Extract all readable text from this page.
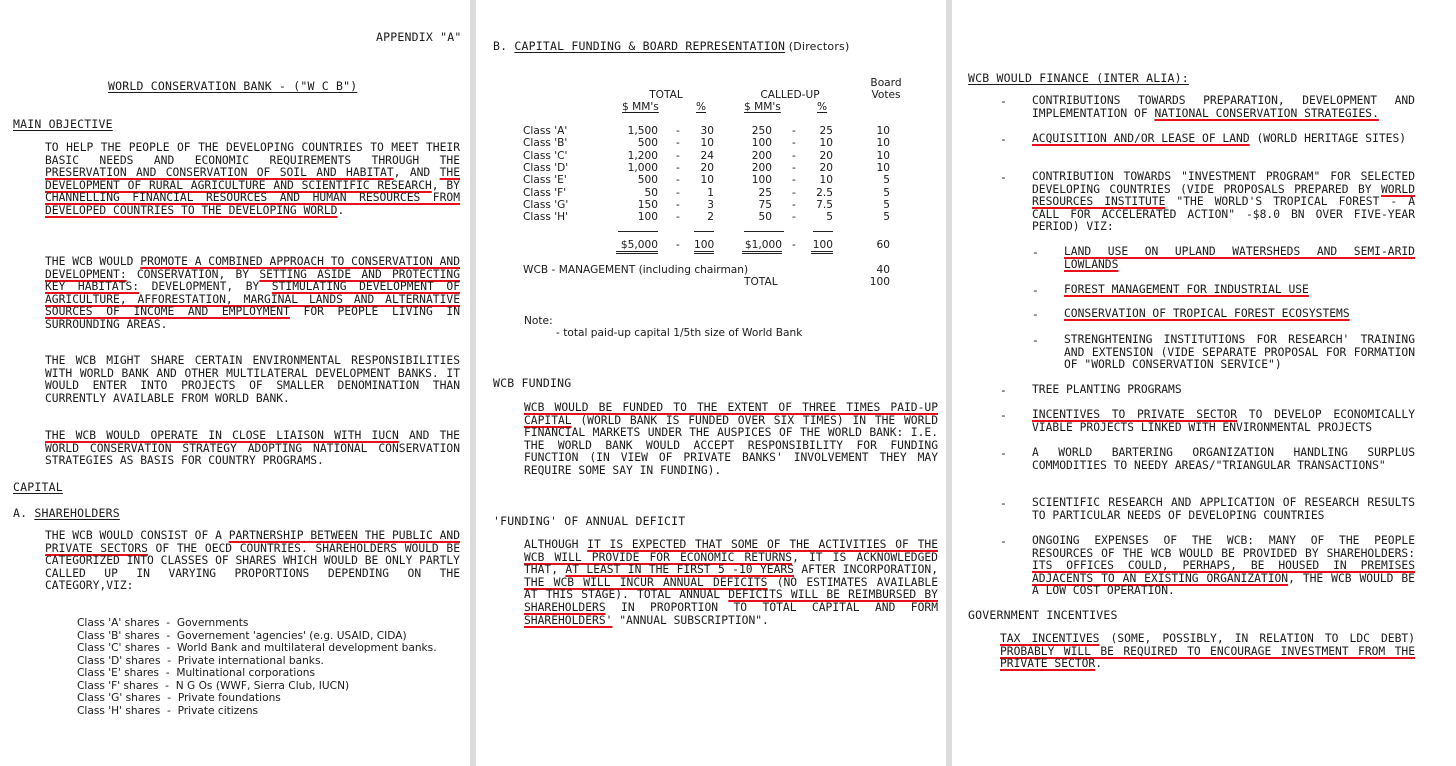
APPENDIX "A"
WORLD CONSERVATION BANK - ("W C B")
MAIN OBJECTIVE
TO HELP THE PEOPLE OF THE DEVELOPING COUNTRIES TO MEET THEIR BASIC NEEDS AND ECONOMIC REQUIREMENTS THROUGH THE PRESERVATION AND CONSERVATION OF SOIL AND HABITAT, AND THE DEVELOPMENT OF RURAL AGRICULTURE AND SCIENTIFIC RESEARCH, BY CHANNELLING FINANCIAL RESOURCES AND HUMAN RESOURCES FROM DEVELOPED COUNTRIES TO THE DEVELOPING WORLD.
THE WCB WOULD PROMOTE A COMBINED APPROACH TO CONSERVATION AND DEVELOPMENT: CONSERVATION, BY SETTING ASIDE AND PROTECTING KEY HABITATS: DEVELOPMENT, BY STIMULATING DEVELOPMENT OF AGRICULTURE, AFFORESTATION, MARGINAL LANDS AND ALTERNATIVE SOURCES OF INCOME AND EMPLOYMENT FOR PEOPLE LIVING IN SURROUNDING AREAS.
THE WCB MIGHT SHARE CERTAIN ENVIRONMENTAL RESPONSIBILITIES WITH WORLD BANK AND OTHER MULTILATERAL DEVELOPMENT BANKS. IT WOULD ENTER INTO PROJECTS OF SMALLER DENOMINATION THAN CURRENTLY AVAILABLE FROM WORLD BANK.
THE WCB WOULD OPERATE IN CLOSE LIAISON WITH IUCN AND THE WORLD CONSERVATION STRATEGY ADOPTING NATIONAL CONSERVATION STRATEGIES AS BASIS FOR COUNTRY PROGRAMS.
CAPITAL
A. SHAREHOLDERS
THE WCB WOULD CONSIST OF A PARTNERSHIP BETWEEN THE PUBLIC AND PRIVATE SECTORS OF THE OECD COUNTRIES. SHAREHOLDERS WOULD BE CATEGORIZED INTO CLASSES OF SHARES WHICH WOULD BE ONLY PARTLY CALLED UP IN VARYING PROPORTIONS DEPENDING ON THE CATEGORY,VIZ:
Class 'A' shares  -  Governments
Class 'B' shares  -  Governement 'agencies' (e.g. USAID, CIDA)
Class 'C' shares  -  World Bank and multilateral development banks.
Class 'D' shares  -  Private international banks.
Class 'E' shares  -  Multinational corporations
Class 'F' shares  -  N G Os (WWF, Sierra Club, IUCN)
Class 'G' shares  -  Private foundations
Class 'H' shares  -  Private citizens
B. CAPITAL FUNDING & BOARD REPRESENTATION (Directors)
Board
Votes
TOTAL	CALLED-UP
$ MM's	%	$ MM's	%
Class 'A'	1,500 -	30	250 -	25	10
Class 'B'	500 -	10	100 -	10	10
Class 'C'	1,200 -	24	200 -	20	10
Class 'D'	1,000 -	20	200 -	20	10
Class 'E'	500 -	10	100 -	10	5
Class 'F'	50 -	1	25 -	2.5	5
Class 'G'	150 -	3	75 -	7.5	5
Class 'H'	100 -	2	50 -	5	5
$5,000 - 100	$1,000 - 100	60
WCB - MANAGEMENT (including chairman)	40
TOTAL	100
Note:
- total paid-up capital 1/5th size of World Bank
WCB FUNDING
WCB WOULD BE FUNDED TO THE EXTENT OF THREE TIMES PAID-UP CAPITAL (WORLD BANK IS FUNDED OVER SIX TIMES) IN THE WORLD FINANCIAL MARKETS UNDER THE AUSPICES OF THE WORLD BANK: I.E. THE WORLD BANK WOULD ACCEPT RESPONSIBILITY FOR FUNDING FUNCTION (IN VIEW OF PRIVATE BANKS' INVOLVEMENT THEY MAY REQUIRE SOME SAY IN FUNDING).
'FUNDING' OF ANNUAL DEFICIT
ALTHOUGH IT IS EXPECTED THAT SOME OF THE ACTIVITIES OF THE WCB WILL PROVIDE FOR ECONOMIC RETURNS, IT IS ACKNOWLEDGED THAT, AT LEAST IN THE FIRST 5 -10 YEARS AFTER INCORPORATION, THE WCB WILL INCUR ANNUAL DEFICITS (NO ESTIMATES AVAILABLE AT THIS STAGE). TOTAL ANNUAL DEFICITS WILL BE REIMBURSED BY SHAREHOLDERS IN PROPORTION TO TOTAL CAPITAL AND FORM SHAREHOLDERS' "ANNUAL SUBSCRIPTION".
WCB WOULD FINANCE (INTER ALIA):
- CONTRIBUTIONS TOWARDS PREPARATION, DEVELOPMENT AND IMPLEMENTATION OF NATIONAL CONSERVATION STRATEGIES.
- ACQUISITION AND/OR LEASE OF LAND (WORLD HERITAGE SITES)
- CONTRIBUTION TOWARDS "INVESTMENT PROGRAM" FOR SELECTED DEVELOPING COUNTRIES (VIDE PROPOSALS PREPARED BY WORLD RESOURCES INSTITUTE "THE WORLD'S TROPICAL FOREST - A CALL FOR ACCELERATED ACTION" -$8.0 BN OVER FIVE-YEAR PERIOD) VIZ:
- LAND USE ON UPLAND WATERSHEDS AND SEMI-ARID LOWLANDS
- FOREST MANAGEMENT FOR INDUSTRIAL USE
- CONSERVATION OF TROPICAL FOREST ECOSYSTEMS
- STRENGHTENING INSTITUTIONS FOR RESEARCH' TRAINING AND EXTENSION (VIDE SEPARATE PROPOSAL FOR FORMATION OF "WORLD CONSERVATION SERVICE")
- TREE PLANTING PROGRAMS
- INCENTIVES TO PRIVATE SECTOR TO DEVELOP ECONOMICALLY VIABLE PROJECTS LINKED WITH ENVIRONMENTAL PROJECTS
- A WORLD BARTERING ORGANIZATION HANDLING SURPLUS COMMODITIES TO NEEDY AREAS/"TRIANGULAR TRANSACTIONS"
- SCIENTIFIC RESEARCH AND APPLICATION OF RESEARCH RESULTS TO PARTICULAR NEEDS OF DEVELOPING COUNTRIES
- ONGOING EXPENSES OF THE WCB: MANY OF THE PEOPLE RESOURCES OF THE WCB WOULD BE PROVIDED BY SHAREHOLDERS: ITS OFFICES COULD, PERHAPS, BE HOUSED IN PREMISES ADJACENTS TO AN EXISTING ORGANIZATION, THE WCB WOULD BE A LOW COST OPERATION.
GOVERNMENT INCENTIVES
TAX INCENTIVES (SOME, POSSIBLY, IN RELATION TO LDC DEBT) PROBABLY WILL BE REQUIRED TO ENCOURAGE INVESTMENT FROM THE PRIVATE SECTOR.
